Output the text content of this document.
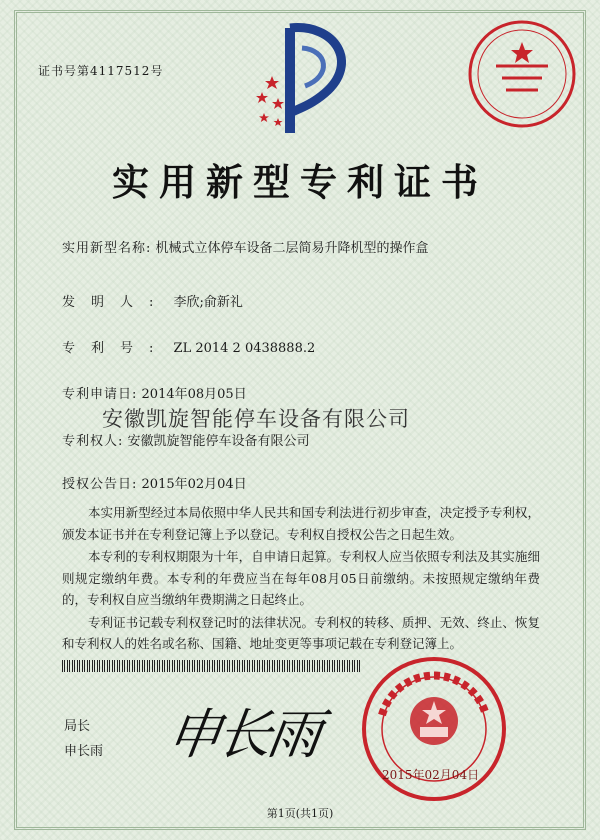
证书号第4117512号
实用新型专利证书
实用新型名称: 机械式立体停车设备二层简易升降机型的操作盒
发明人: 李欣;俞新礼
专利号: ZL 2014 2 0438888.2
专利申请日: 2014年08月05日
安徽凯旋智能停车设备有限公司
专利权人: 安徽凯旋智能停车设备有限公司
授权公告日: 2015年02月04日

本实用新型经过本局依照中华人民共和国专利法进行初步审查，决定授予专利权，颁发本证书并在专利登记簿上予以登记。专利权自授权公告之日起生效。

本专利的专利权期限为十年，自申请日起算。专利权人应当依照专利法及其实施细则规定缴纳年费。本专利的年费应当在每年08月05日前缴纳。未按照规定缴纳年费的，专利权自应当缴纳年费期满之日起终止。

专利证书记载专利权登记时的法律状况。专利权的转移、质押、无效、终止、恢复和专利权人的姓名或名称、国籍、地址变更等事项记载在专利登记簿上。

局长
申长雨 申长雨
2015年02月04日
第1页(共1页)
